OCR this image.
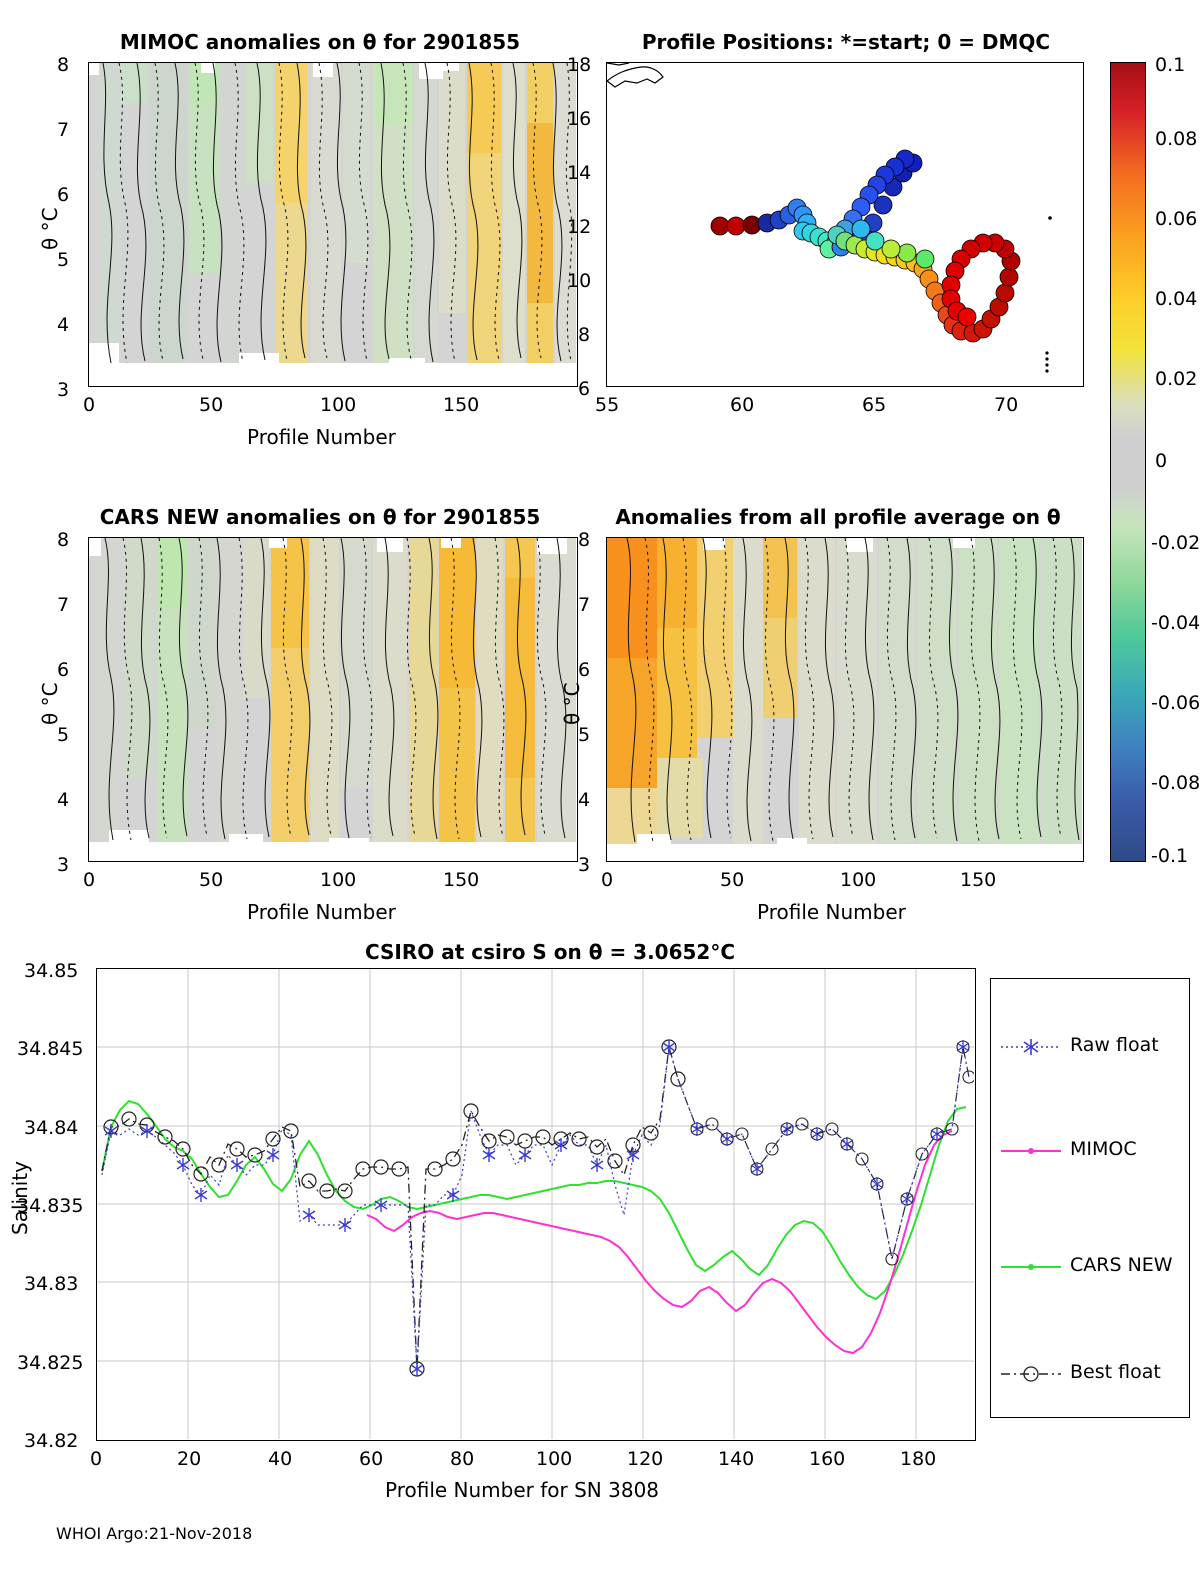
MIMOC anomalies on θ for 2901855
8
7
6
5
4
3
0	50	100	150
Profile Number
θ °C
Profile Positions: *=start; 0 = DMQC
18
16
14
12
10
8
6
55	60	65	70
0.1
0.08
0.06
0.04
0.02
0
-0.02
-0.04
-0.06
-0.08
-0.1
CARS NEW anomalies on θ for 2901855
8
7
6
5
4
3
0	50	100	150
Profile Number
θ °C
Anomalies from all profile average on θ
8
7
6
5
4
3
0	50	100	150
Profile Number
θ °C
CSIRO at csiro S on θ = 3.0652°C
34.85
34.845
34.84
34.835
34.83
34.825
34.82
0	20	40	60	80	100	120	140	160	180
Profile Number for SN 3808
Salinity
Raw float
MIMOC
CARS NEW
Best float
WHOI Argo:21-Nov-2018
